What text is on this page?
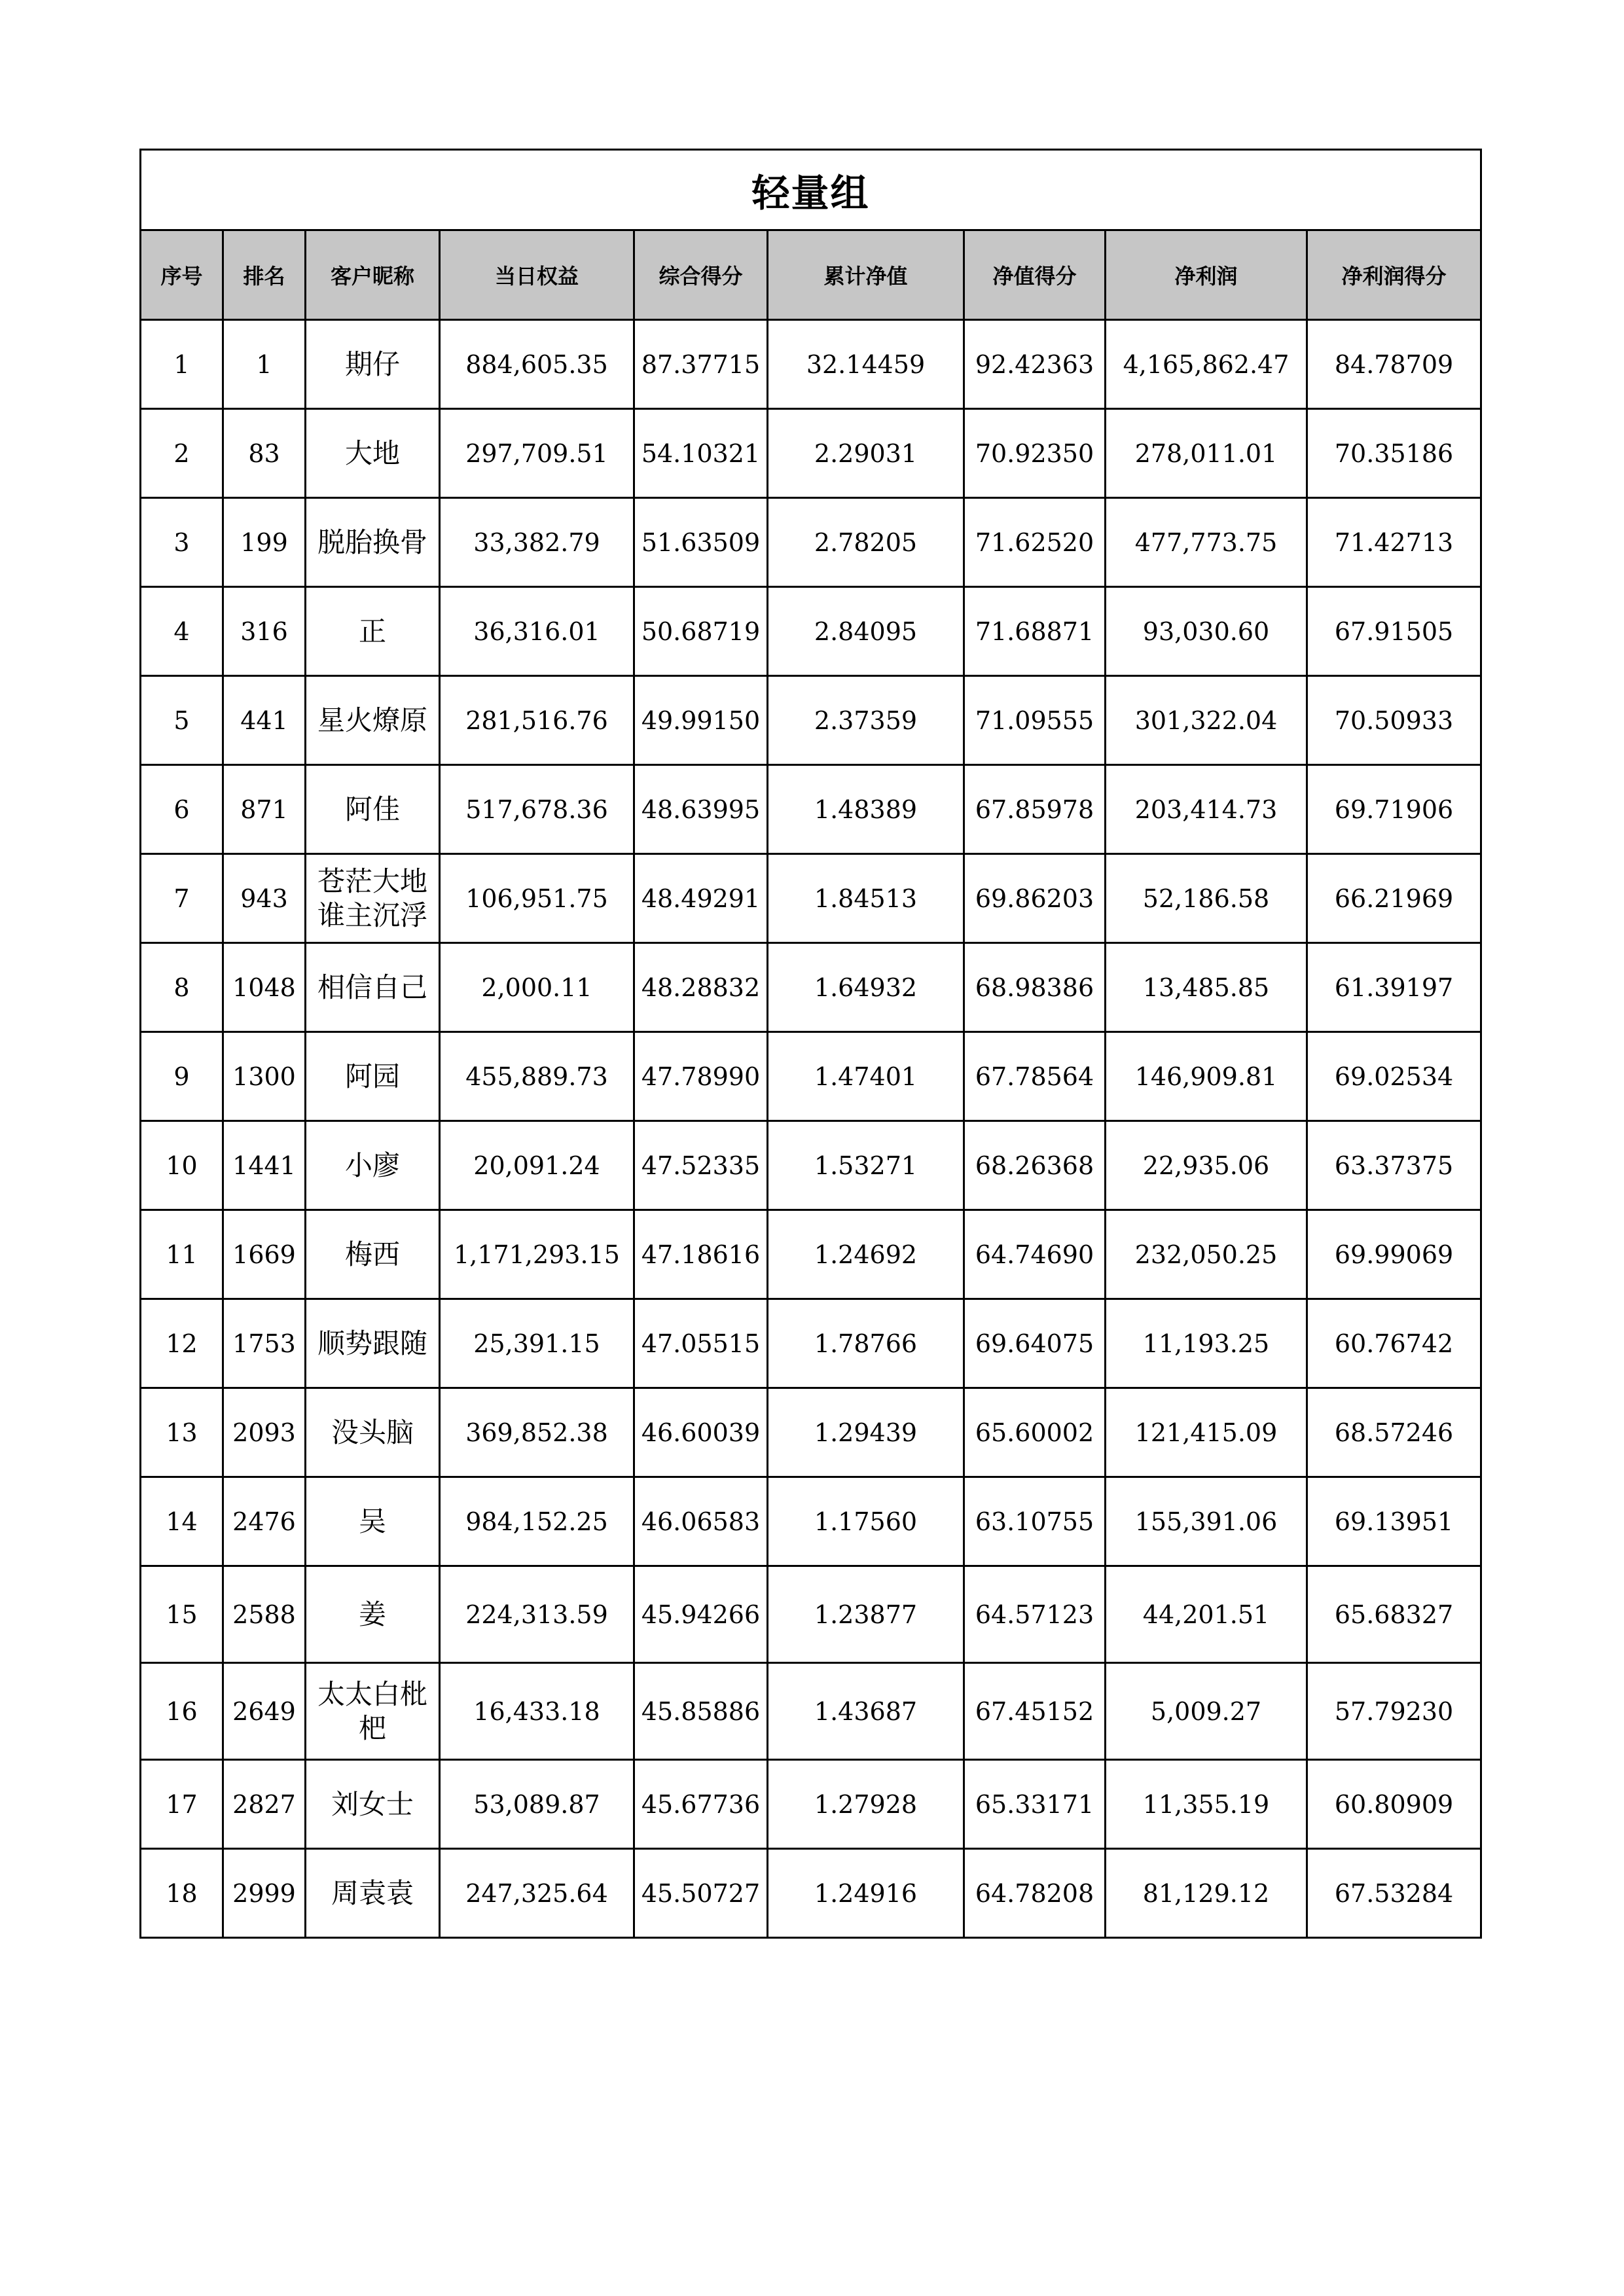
轻量组								
序号	排名	客户昵称	当日权益	综合得分	累计净值	净值得分	净利润	净利润得分
1	1	期仔	884,605.35	87.37715	32.14459	92.42363	4,165,862.47	84.78709
2	83	大地	297,709.51	54.10321	2.29031	70.92350	278,011.01	70.35186
3	199	脱胎换骨	33,382.79	51.63509	2.78205	71.62520	477,773.75	71.42713
4	316	正	36,316.01	50.68719	2.84095	71.68871	93,030.60	67.91505
5	441	星火燎原	281,516.76	49.99150	2.37359	71.09555	301,322.04	70.50933
6	871	阿佳	517,678.36	48.63995	1.48389	67.85978	203,414.73	69.71906
7	943	苍茫大地谁主沉浮	106,951.75	48.49291	1.84513	69.86203	52,186.58	66.21969
8	1048	相信自己	2,000.11	48.28832	1.64932	68.98386	13,485.85	61.39197
9	1300	阿园	455,889.73	47.78990	1.47401	67.78564	146,909.81	69.02534
10	1441	小廖	20,091.24	47.52335	1.53271	68.26368	22,935.06	63.37375
11	1669	梅西	1,171,293.15	47.18616	1.24692	64.74690	232,050.25	69.99069
12	1753	顺势跟随	25,391.15	47.05515	1.78766	69.64075	11,193.25	60.76742
13	2093	没头脑	369,852.38	46.60039	1.29439	65.60002	121,415.09	68.57246
14	2476	吴	984,152.25	46.06583	1.17560	63.10755	155,391.06	69.13951
15	2588	姜	224,313.59	45.94266	1.23877	64.57123	44,201.51	65.68327
16	2649	太太白枇杷	16,433.18	45.85886	1.43687	67.45152	5,009.27	57.79230
17	2827	刘女士	53,089.87	45.67736	1.27928	65.33171	11,355.19	60.80909
18	2999	周袁袁	247,325.64	45.50727	1.24916	64.78208	81,129.12	67.53284
